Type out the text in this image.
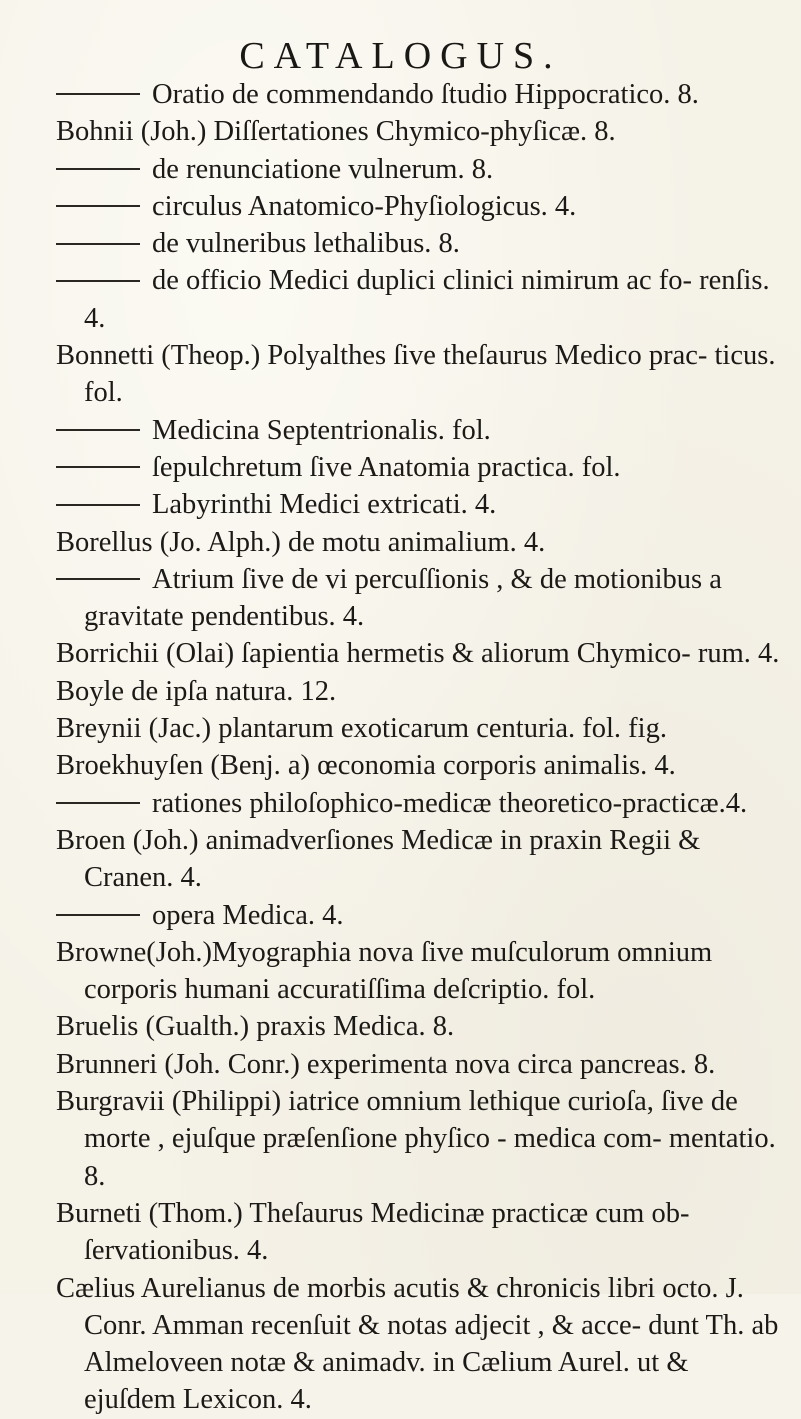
CATALOGUS.
Oratio de commendando ſtudio Hippocratico. 8.
Bohnii (Joh.) Diſſertationes Chymico-phyſicæ. 8.
de renunciatione vulnerum. 8.
circulus Anatomico-Phyſiologicus. 4.
de vulneribus lethalibus. 8.
de officio Medici duplici clinici nimirum ac fo- renſis. 4.
Bonnetti (Theop.) Polyalthes ſive theſaurus Medico prac- ticus. fol.
Medicina Septentrionalis. fol.
ſepulchretum ſive Anatomia practica. fol.
Labyrinthi Medici extricati. 4.
Borellus (Jo. Alph.) de motu animalium. 4.
Atrium ſive de vi percuſſionis , & de motionibus a gravitate pendentibus. 4.
Borrichii (Olai) ſapientia hermetis & aliorum Chymico- rum. 4.
Boyle de ipſa natura. 12.
Breynii (Jac.) plantarum exoticarum centuria. fol. fig.
Broekhuyſen (Benj. a) œconomia corporis animalis. 4.
rationes philoſophico-medicæ theoretico-practicæ.4.
Broen (Joh.) animadverſiones Medicæ in praxin Regii & Cranen. 4.
opera Medica. 4.
Browne(Joh.)Myographia nova ſive muſculorum omnium corporis humani accuratiſſima deſcriptio. fol.
Bruelis (Gualth.) praxis Medica. 8.
Brunneri (Joh. Conr.) experimenta nova circa pancreas. 8.
Burgravii (Philippi) iatrice omnium lethique curioſa, ſive de morte , ejuſque præſenſione phyſico - medica com- mentatio. 8.
Burneti (Thom.) Theſaurus Medicinæ practicæ cum ob- ſervationibus. 4.
Cælius Aurelianus de morbis acutis & chronicis libri octo. J. Conr. Amman recenſuit & notas adjecit , & acce- dunt Th. ab Almeloveen notæ & animadv. in Cælium Aurel. ut & ejuſdem Lexicon. 4.
